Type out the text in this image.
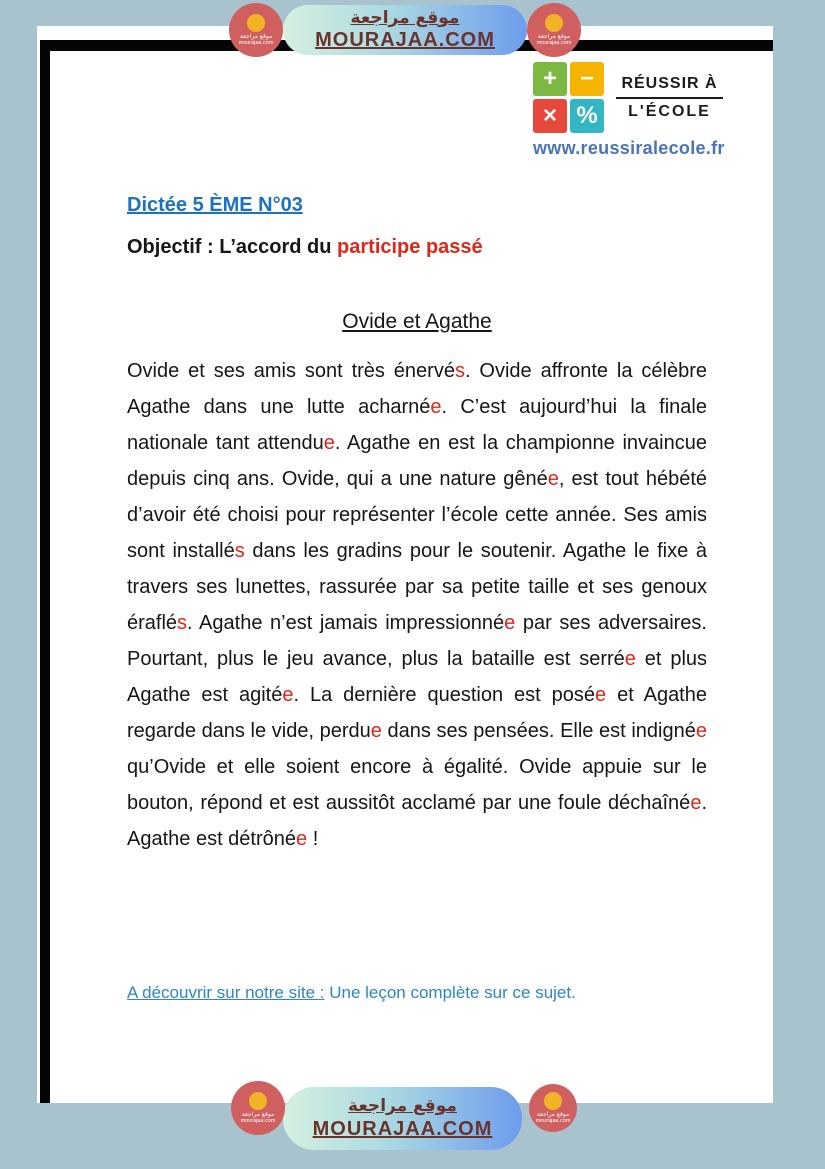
+ −
× %
RÉUSSIR À
L'ÉCOLE
www.reussiralecole.fr
Dictée 5 ÈME N°03
Objectif : L’accord du participe passé
Ovide et Agathe
Ovide et ses amis sont très énervés. Ovide affronte la célèbre Agathe dans une lutte acharnée. C’est aujourd’hui la finale nationale tant attendue. Agathe en est la championne invaincue depuis cinq ans. Ovide, qui a une nature gênée, est tout hébété d’avoir été choisi pour représenter l’école cette année. Ses amis sont installés dans les gradins pour le soutenir. Agathe le fixe à travers ses lunettes, rassurée par sa petite taille et ses genoux éraflés. Agathe n’est jamais impressionnée par ses adversaires. Pourtant, plus le jeu avance, plus la bataille est serrée et plus Agathe est agitée. La dernière question est posée et Agathe regarde dans le vide, perdue dans ses pensées. Elle est indignée qu’Ovide et elle soient encore à égalité. Ovide appuie sur le bouton, répond et est aussitôt acclamé par une foule déchaînée. Agathe est détrônée !
A découvrir sur notre site : Une leçon complète sur ce sujet.
موقع مراجعة
mourajaa.com
موقع مراجعة
MOURAJAA.COM	موقع مراجعة
mourajaa.com
موقع مراجعة
mourajaa.com
موقع مراجعة
MOURAJAA.COM
موقع مراجعة
mourajaa.com
